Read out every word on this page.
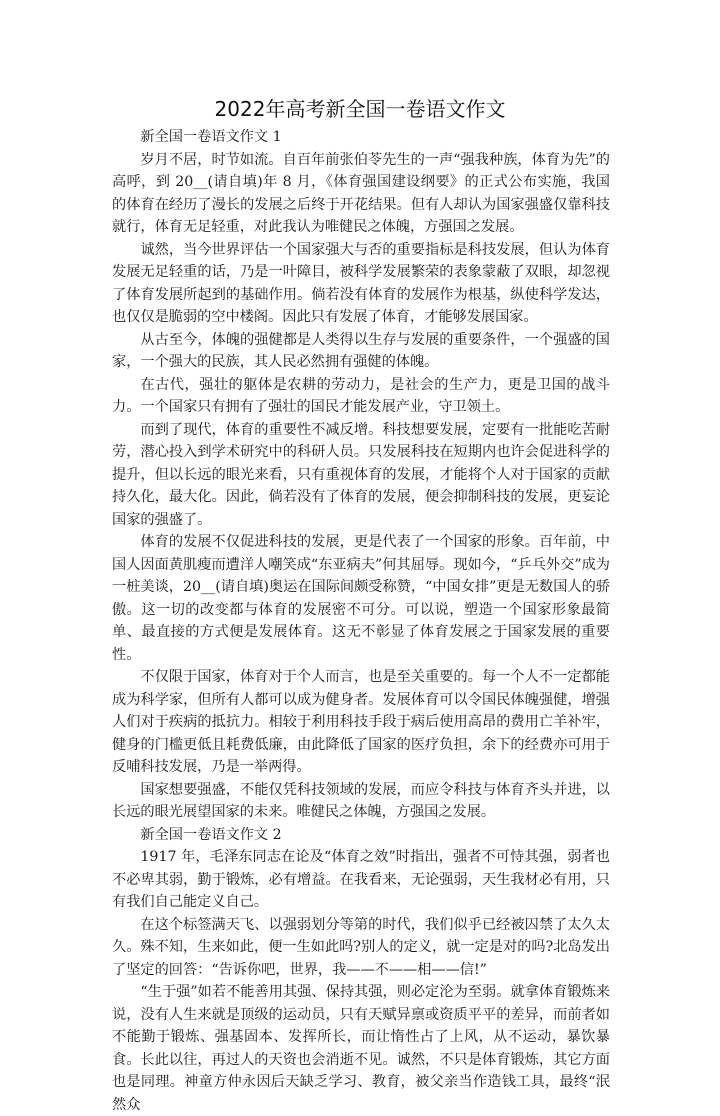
2022年高考新全国一卷语文作文

新全国一卷语文作文 1

岁月不居，时节如流。自百年前张伯苓先生的一声“强我种族，体育为先”的高呼，到 20__(请自填)年 8 月，《体育强国建设纲要》的正式公布实施，我国的体育在经历了漫长的发展之后终于开花结果。但有人却认为国家强盛仅靠科技就行，体育无足轻重，对此我认为唯健民之体魄，方强国之发展。

诚然，当今世界评估一个国家强大与否的重要指标是科技发展，但认为体育发展无足轻重的话，乃是一叶障目，被科学发展繁荣的表象蒙蔽了双眼，却忽视了体育发展所起到的基础作用。倘若没有体育的发展作为根基，纵使科学发达，也仅仅是脆弱的空中楼阁。因此只有发展了体育，才能够发展国家。

从古至今，体魄的强健都是人类得以生存与发展的重要条件，一个强盛的国家，一个强大的民族，其人民必然拥有强健的体魄。

在古代，强壮的躯体是农耕的劳动力，是社会的生产力，更是卫国的战斗力。一个国家只有拥有了强壮的国民才能发展产业，守卫领土。

而到了现代，体育的重要性不减反增。科技想要发展，定要有一批能吃苦耐劳，潜心投入到学术研究中的科研人员。只发展科技在短期内也许会促进科学的提升，但以长远的眼光来看，只有重视体育的发展，才能将个人对于国家的贡献持久化，最大化。因此，倘若没有了体育的发展，便会抑制科技的发展，更妄论国家的强盛了。

体育的发展不仅促进科技的发展，更是代表了一个国家的形象。百年前，中国人因面黄肌瘦而遭洋人嘲笑成“东亚病夫”何其屈辱。现如今，“乒乓外交”成为一桩美谈，20__(请自填)奥运在国际间颇受称赞，“中国女排”更是无数国人的骄傲。这一切的改变都与体育的发展密不可分。可以说，塑造一个国家形象最简单、最直接的方式便是发展体育。这无不彰显了体育发展之于国家发展的重要性。

不仅限于国家，体育对于个人而言，也是至关重要的。每一个人不一定都能成为科学家，但所有人都可以成为健身者。发展体育可以令国民体魄强健，增强人们对于疾病的抵抗力。相较于利用科技手段于病后使用高昂的费用亡羊补牢，健身的门槛更低且耗费低廉，由此降低了国家的医疗负担，余下的经费亦可用于反哺科技发展，乃是一举两得。

国家想要强盛，不能仅凭科技领域的发展，而应令科技与体育齐头并进，以长远的眼光展望国家的未来。唯健民之体魄，方强国之发展。

新全国一卷语文作文 2

1917 年，毛泽东同志在论及“体育之效”时指出，强者不可恃其强，弱者也不必卑其弱，勤于锻炼，必有增益。在我看来，无论强弱，天生我材必有用，只有我们自己能定义自己。

在这个标签满天飞、以强弱划分等第的时代，我们似乎已经被囚禁了太久太久。殊不知，生来如此，便一生如此吗?别人的定义，就一定是对的吗?北岛发出了坚定的回答：“告诉你吧，世界，我——不——相——信!”

“生于强”如若不能善用其强、保持其强，则必定沦为至弱。就拿体育锻炼来说，没有人生来就是顶级的运动员，只有天赋异禀或资质平平的差异，而前者如不能勤于锻炼、强基固本、发挥所长，而让惰性占了上风，从不运动，暴饮暴食。长此以往，再过人的天资也会消逝不见。诚然，不只是体育锻炼，其它方面也是同理。神童方仲永因后天缺乏学习、教育，被父亲当作造钱工具，最终“泯然众
